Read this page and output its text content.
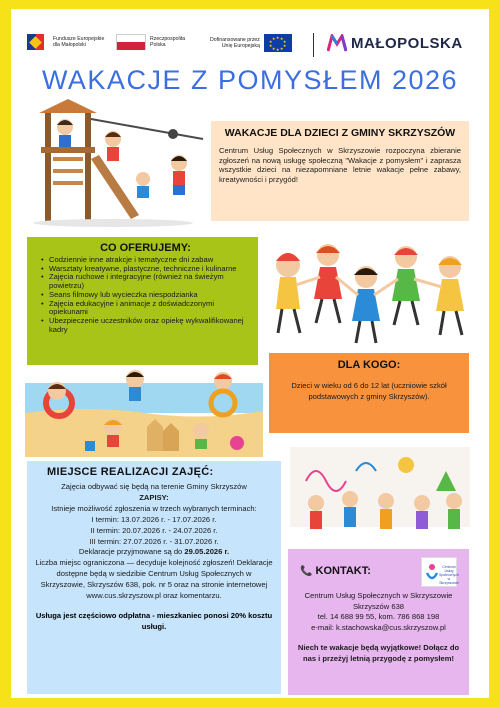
Fundusze Europejskie
dla Małopolski
Rzeczpospolita
Polska
Dofinansowane przez
Unię Europejską
★ ★
★
★
★
★
★
★
★
★	MAŁOPOLSKA
WAKACJE Z POMYSŁEM 2026
WAKACJE DLA DZIECI Z GMINY SKRZYSZÓW

Centrum Usług Społecznych w Skrzyszowie rozpoczyna zbieranie zgłoszeń na nową usługę społeczną "Wakacje z pomysłem" i zaprasza wszystkie dzieci na niezapomniane letnie wakacje pełne zabawy, kreatywności i przygód!

CO OFERUJEMY:
• Codziennie inne atrakcje i tematyczne dni zabaw
• Warsztaty kreatywne, plastyczne, techniczne i kulinarne
• Zajęcia ruchowe i integracyjne (również na świeżym powietrzu)
• Seans filmowy lub wycieczka niespodzianka
• Zajęcia edukacyjne i animacje z doświadczonymi opiekunami
• Ubezpieczenie uczestników oraz opiekę wykwalifikowanej kadry
DLA KOGO:

Dzieci w wieku od 6 do 12 lat (uczniowie szkół podstawowych z gminy Skrzyszów).

MIEJSCE REALIZACJI ZAJĘĆ:
Zajęcia odbywać się będą na terenie Gminy Skrzyszów
ZAPISY:
Istnieje możliwość zgłoszenia w trzech wybranych terminach:
I termin: 13.07.2026 r. - 17.07.2026 r.
II termin: 20.07.2026 r. - 24.07.2026 r.
III termin: 27.07.2026 r. - 31.07.2026 r.
Deklaracje przyjmowane są do 29.05.2026 r.
Liczba miejsc ograniczona — decyduje kolejność zgłoszeń! Deklaracje dostępne będą w siedzibie Centrum Usług Społecznych w Skrzyszowie, Skrzyszów 638, pok. nr 5 oraz na stronie internetowej www.cus.skrzyszow.pl oraz komentarzu.
Usługa jest częściowo odpłatna - mieszkaniec ponosi 20% kosztu usługi.
Centrum
Usług
Społecznych
w Skrzyszowie
📞 KONTAKT:
Centrum Usług Społecznych w Skrzyszowie
Skrzyszów 638
tel. 14 688 99 55, kom. 786 868 198
e-mail: k.stachowska@cus.skrzyszow.pl
Niech te wakacje będą wyjątkowe! Dołącz do nas i przeżyj letnią przygodę z pomysłem!
